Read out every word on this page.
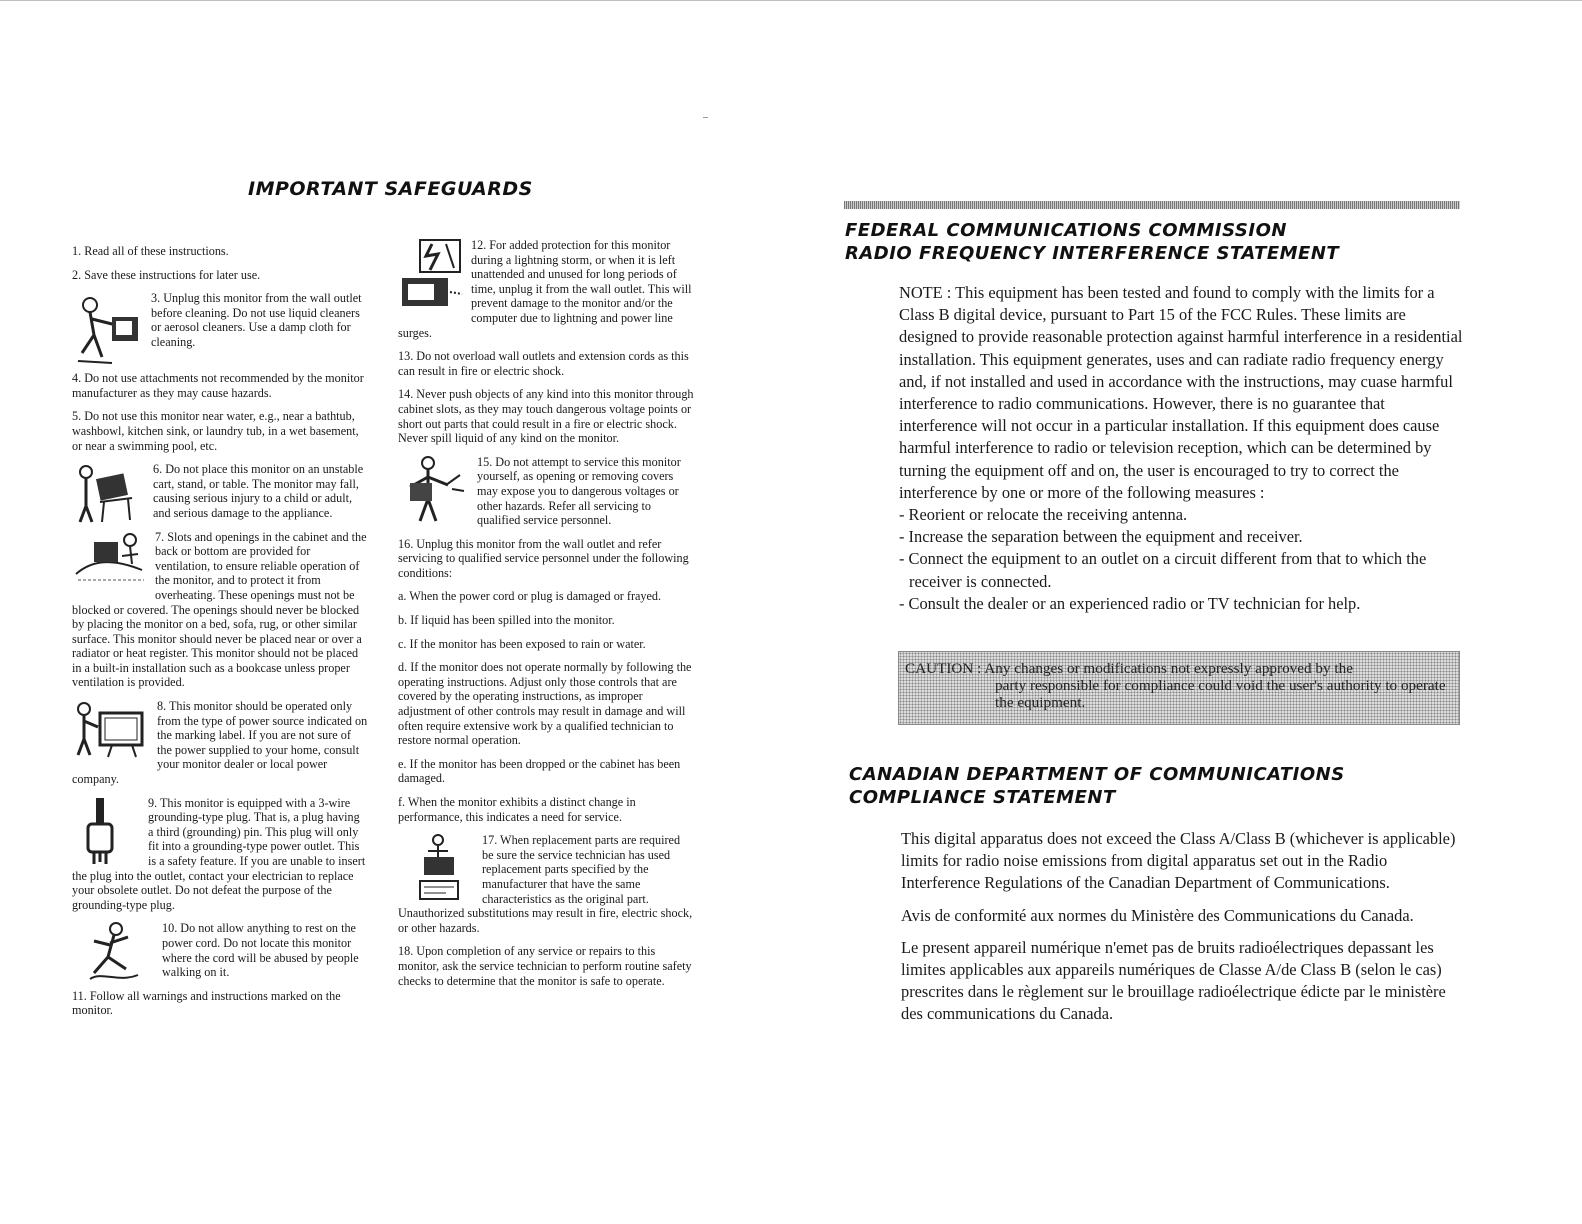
IMPORTANT SAFEGUARDS

1. Read all of these instructions.

2. Save these instructions for later use.

3. Unplug this monitor from the wall outlet before cleaning. Do not use liquid cleaners or aerosol cleaners. Use a damp cloth for cleaning.

4. Do not use attachments not recommended by the monitor manufacturer as they may cause hazards.

5. Do not use this monitor near water, e.g., near a bathtub, washbowl, kitchen sink, or laundry tub, in a wet basement, or near a swimming pool, etc.

6. Do not place this monitor on an unstable cart, stand, or table. The monitor may fall, causing serious injury to a child or adult, and serious damage to the appliance.

7. Slots and openings in the cabinet and the back or bottom are provided for ventilation, to ensure reliable operation of the monitor, and to protect it from overheating. These openings must not be blocked or covered. The openings should never be blocked by placing the monitor on a bed, sofa, rug, or other similar surface. This monitor should never be placed near or over a radiator or heat register. This monitor should not be placed in a built-in installation such as a bookcase unless proper ventilation is provided.

8. This monitor should be operated only from the type of power source indicated on the marking label. If you are not sure of the power supplied to your home, consult your monitor dealer or local power company.

9. This monitor is equipped with a 3-wire grounding-type plug. That is, a plug having a third (grounding) pin. This plug will only fit into a grounding-type power outlet. This is a safety feature. If you are unable to insert the plug into the outlet, contact your electrician to replace your obsolete outlet. Do not defeat the purpose of the grounding-type plug.

10. Do not allow anything to rest on the power cord. Do not locate this monitor where the cord will be abused by people walking on it.

11. Follow all warnings and instructions marked on the monitor.

12. For added protection for this monitor during a lightning storm, or when it is left unattended and unused for long periods of time, unplug it from the wall outlet. This will prevent damage to the monitor and/or the computer due to lightning and power line surges.

13. Do not overload wall outlets and extension cords as this can result in fire or electric shock.

14. Never push objects of any kind into this monitor through cabinet slots, as they may touch dangerous voltage points or short out parts that could result in a fire or electric shock. Never spill liquid of any kind on the monitor.

15. Do not attempt to service this monitor yourself, as opening or removing covers may expose you to dangerous voltages or other hazards. Refer all servicing to qualified service personnel.

16. Unplug this monitor from the wall outlet and refer servicing to qualified service personnel under the following conditions:

a. When the power cord or plug is damaged or frayed.

b. If liquid has been spilled into the monitor.

c. If the monitor has been exposed to rain or water.

d. If the monitor does not operate normally by following the operating instructions. Adjust only those controls that are covered by the operating instructions, as improper adjustment of other controls may result in damage and will often require extensive work by a qualified technician to restore normal operation.

e. If the monitor has been dropped or the cabinet has been damaged.

f. When the monitor exhibits a distinct change in performance, this indicates a need for service.

17. When replacement parts are required be sure the service technician has used replacement parts specified by the manufacturer that have the same characteristics as the original part. Unauthorized substitutions may result in fire, electric shock, or other hazards.

18. Upon completion of any service or repairs to this monitor, ask the service technician to perform routine safety checks to determine that the monitor is safe to operate.

FEDERAL COMMUNICATIONS COMMISSION
RADIO FREQUENCY INTERFERENCE STATEMENT

NOTE : This equipment has been tested and found to comply with the limits for a Class B digital device, pursuant to Part 15 of the FCC Rules. These limits are designed to provide reasonable protection against harmful interference in a residential installation. This equipment generates, uses and can radiate radio frequency energy and, if not installed and used in accordance with the instructions, may cuase harmful interference to radio communications. However, there is no guarantee that interference will not occur in a particular installation. If this equipment does cause harmful interference to radio or television reception, which can be determined by turning the equipment off and on, the user is encouraged to try to correct the interference by one or more of the following measures :

- Reorient or relocate the receiving antenna.
- Increase the separation between the equipment and receiver.
- Connect the equipment to an outlet on a circuit different from that to which the receiver is connected.
- Consult the dealer or an experienced radio or TV technician for help.
CAUTION : Any changes or modifications not expressly approved by the
party responsible for compliance could void the user's authority to operate the equipment.
CANADIAN DEPARTMENT OF COMMUNICATIONS
COMPLIANCE STATEMENT

This digital apparatus does not exceed the Class A/Class B (whichever is applicable) limits for radio noise emissions from digital apparatus set out in the Radio Interference Regulations of the Canadian Department of Communications.

Avis de conformité aux normes du Ministère des Communications du Canada.

Le present appareil numérique n'emet pas de bruits radioélectriques depassant les limites applicables aux appareils numériques de Classe A/de Class B (selon le cas) prescrites dans le règlement sur le brouillage radioélectrique édicte par le ministère des communications du Canada.
